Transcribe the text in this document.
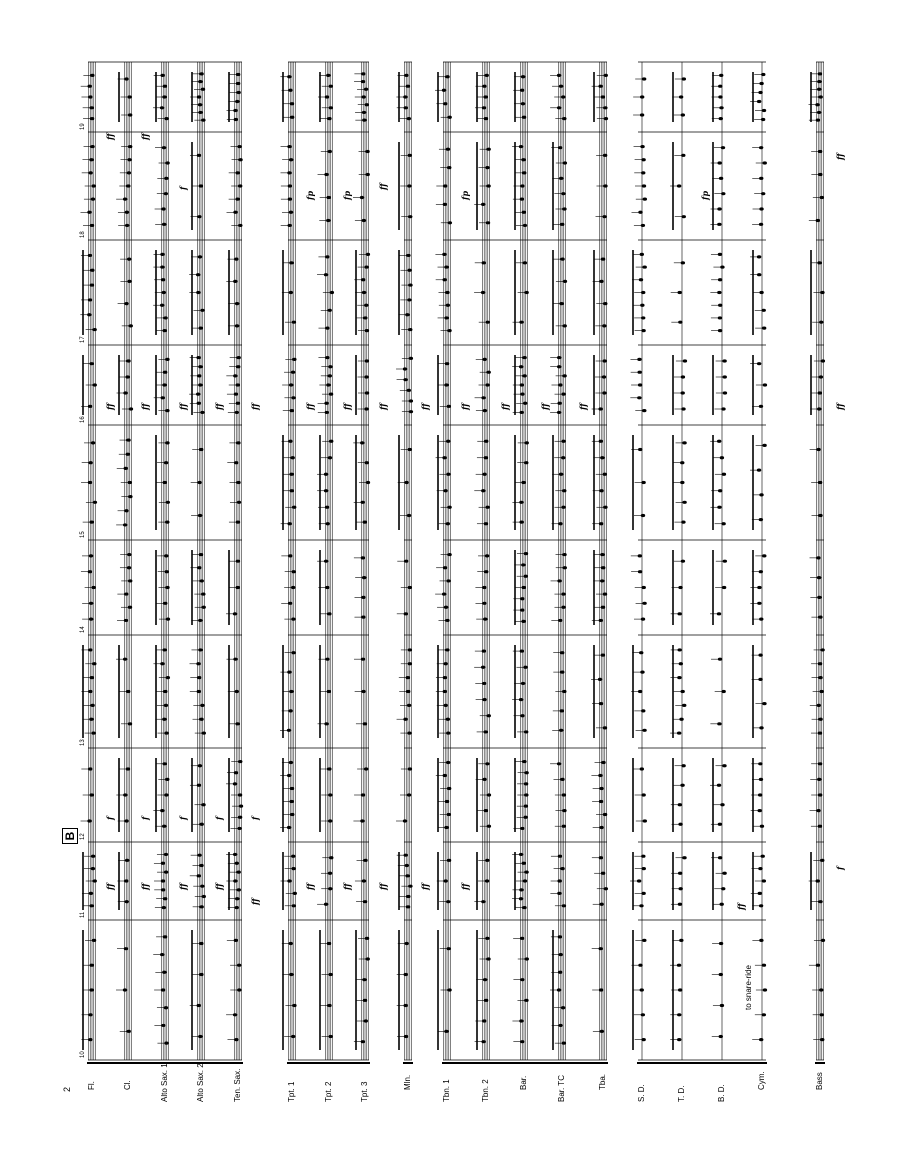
2
B
Fl.	Cl.	Alto Sax. 1	Alto Sax. 2	Ten. Sax.	Tpt. 1	Tpt. 2	Tpt. 3	Mln.	Tbn. 1	Tbn. 2	Bar.	Bar. TC	Tba.
S. D.	T. D.	B. D.
Cym.	Bass
to snare-ride
10
11
12
13
14
15
16
17
18
19
ff	ff	ff	ff
ff
ff	ff	ff	ff	ff
ff
f
f	f	f	f	f
ff	ff	ff	ff	ff	ff	ff	ff	ff	ff	ff	ff	ff	ff
ff	ff
f
fp	fp
ff
fp	fp
ff
